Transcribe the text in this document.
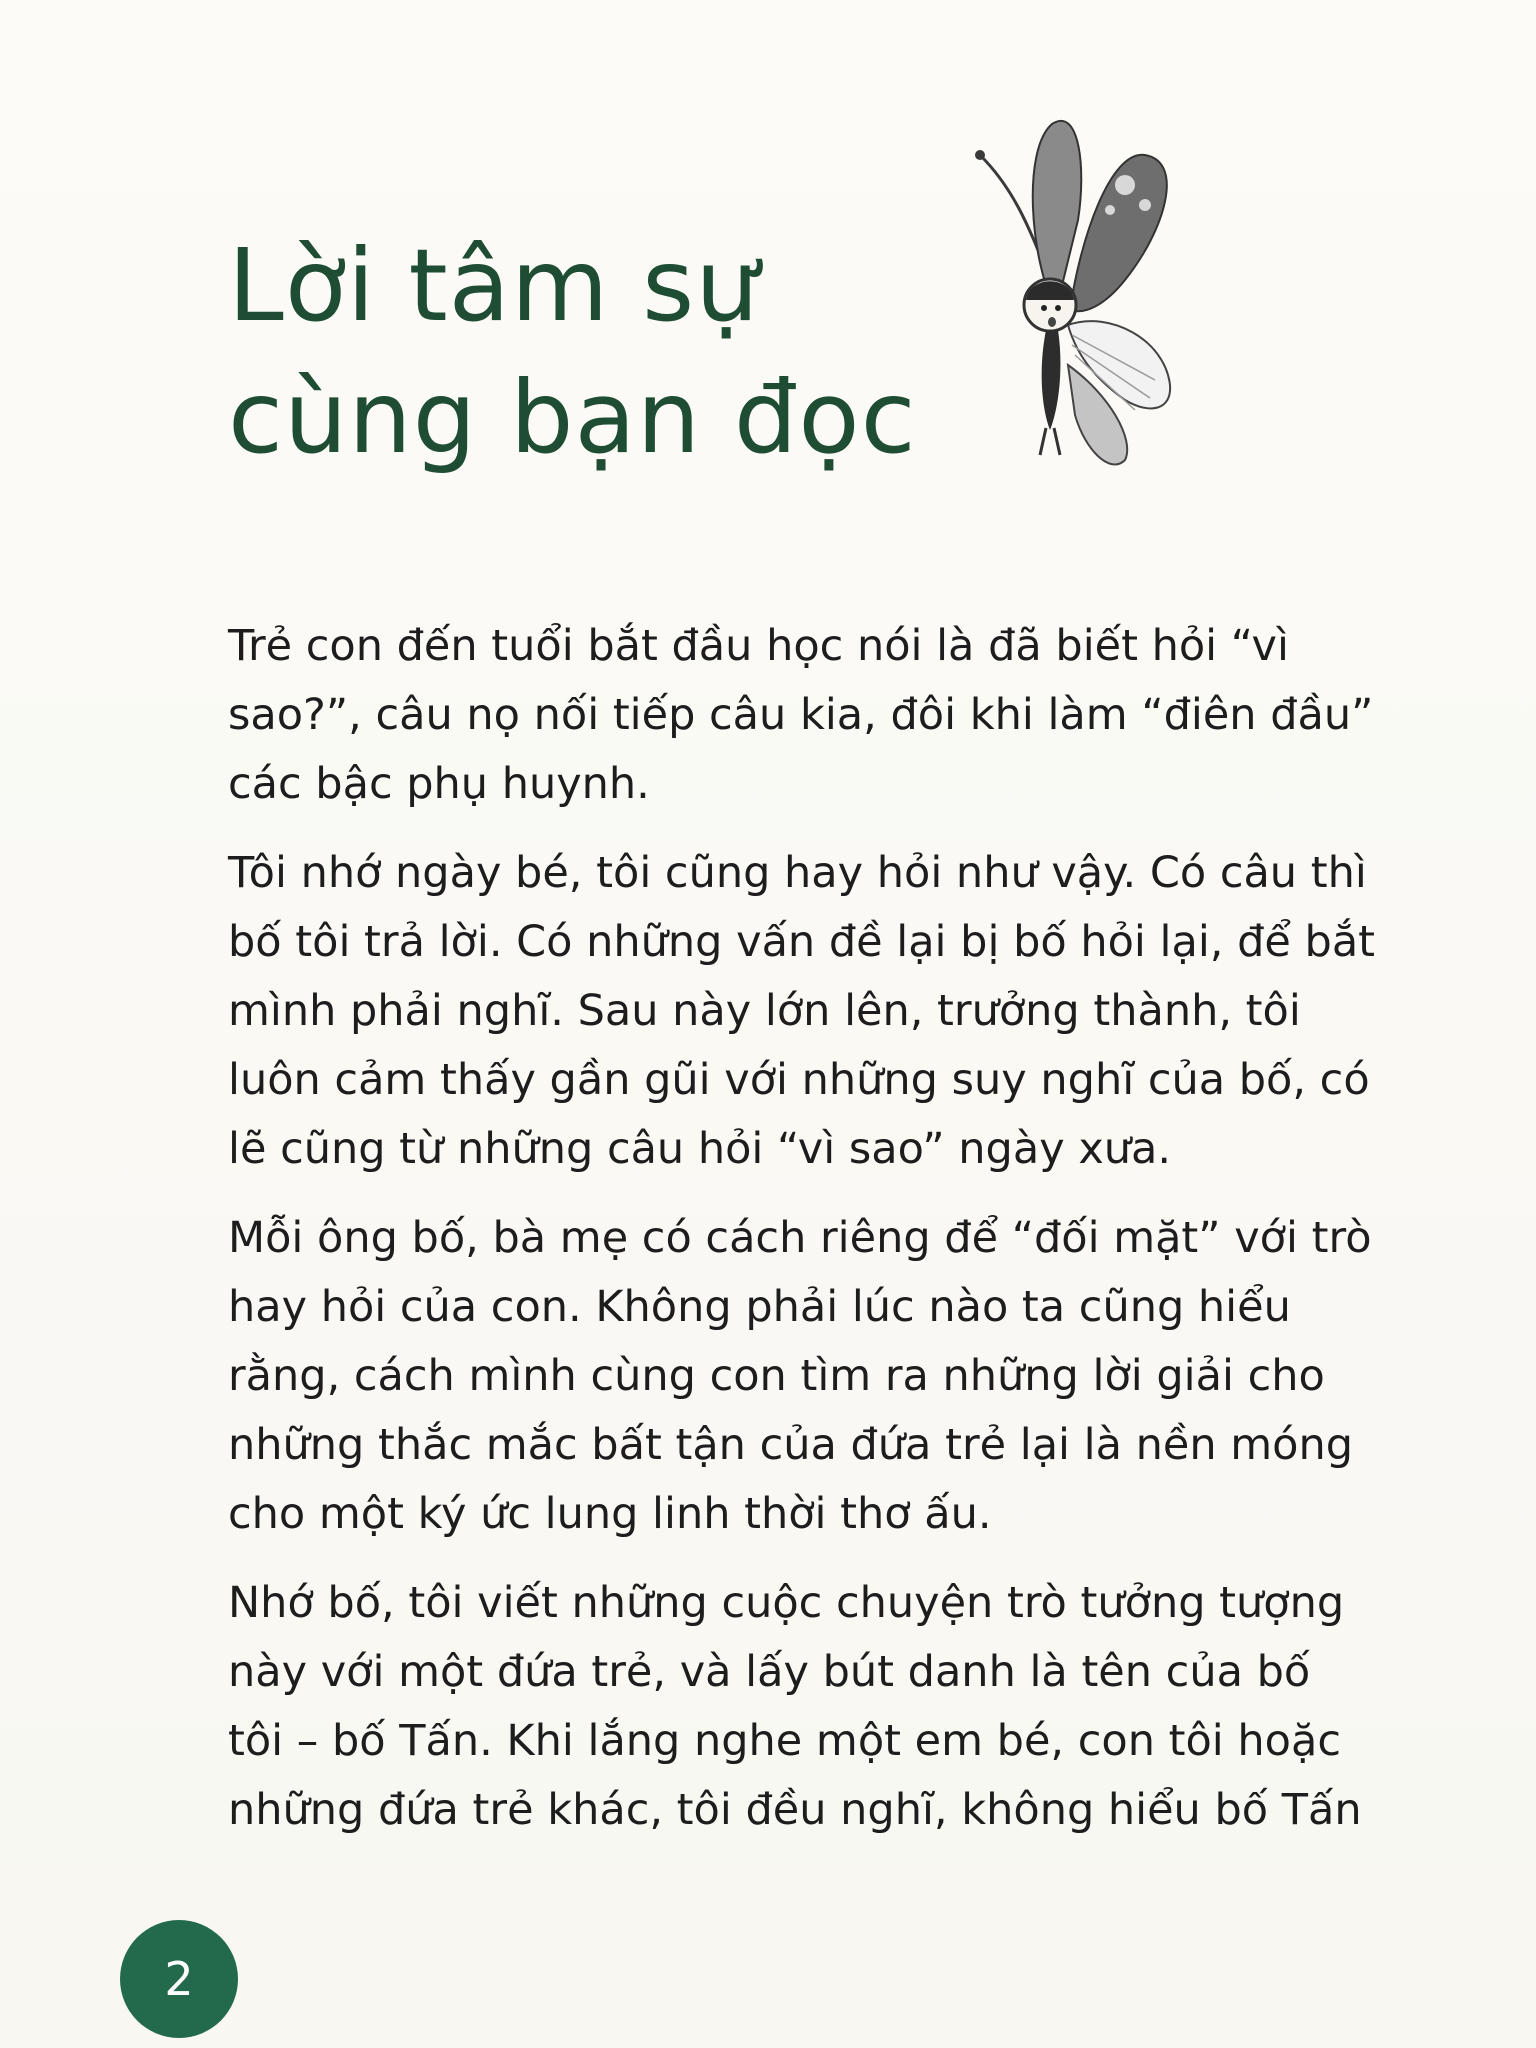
Lời tâm sự
cùng bạn đọc

Trẻ con đến tuổi bắt đầu học nói là đã biết hỏi “vì
sao?”, câu nọ nối tiếp câu kia, đôi khi làm “điên đầu”
các bậc phụ huynh.

Tôi nhớ ngày bé, tôi cũng hay hỏi như vậy. Có câu thì
bố tôi trả lời. Có những vấn đề lại bị bố hỏi lại, để bắt
mình phải nghĩ. Sau này lớn lên, trưởng thành, tôi
luôn cảm thấy gần gũi với những suy nghĩ của bố, có
lẽ cũng từ những câu hỏi “vì sao” ngày xưa.

Mỗi ông bố, bà mẹ có cách riêng để “đối mặt” với trò
hay hỏi của con. Không phải lúc nào ta cũng hiểu
rằng, cách mình cùng con tìm ra những lời giải cho
những thắc mắc bất tận của đứa trẻ lại là nền móng
cho một ký ức lung linh thời thơ ấu.

Nhớ bố, tôi viết những cuộc chuyện trò tưởng tượng
này với một đứa trẻ, và lấy bút danh là tên của bố
tôi – bố Tấn. Khi lắng nghe một em bé, con tôi hoặc
những đứa trẻ khác, tôi đều nghĩ, không hiểu bố Tấn

2
